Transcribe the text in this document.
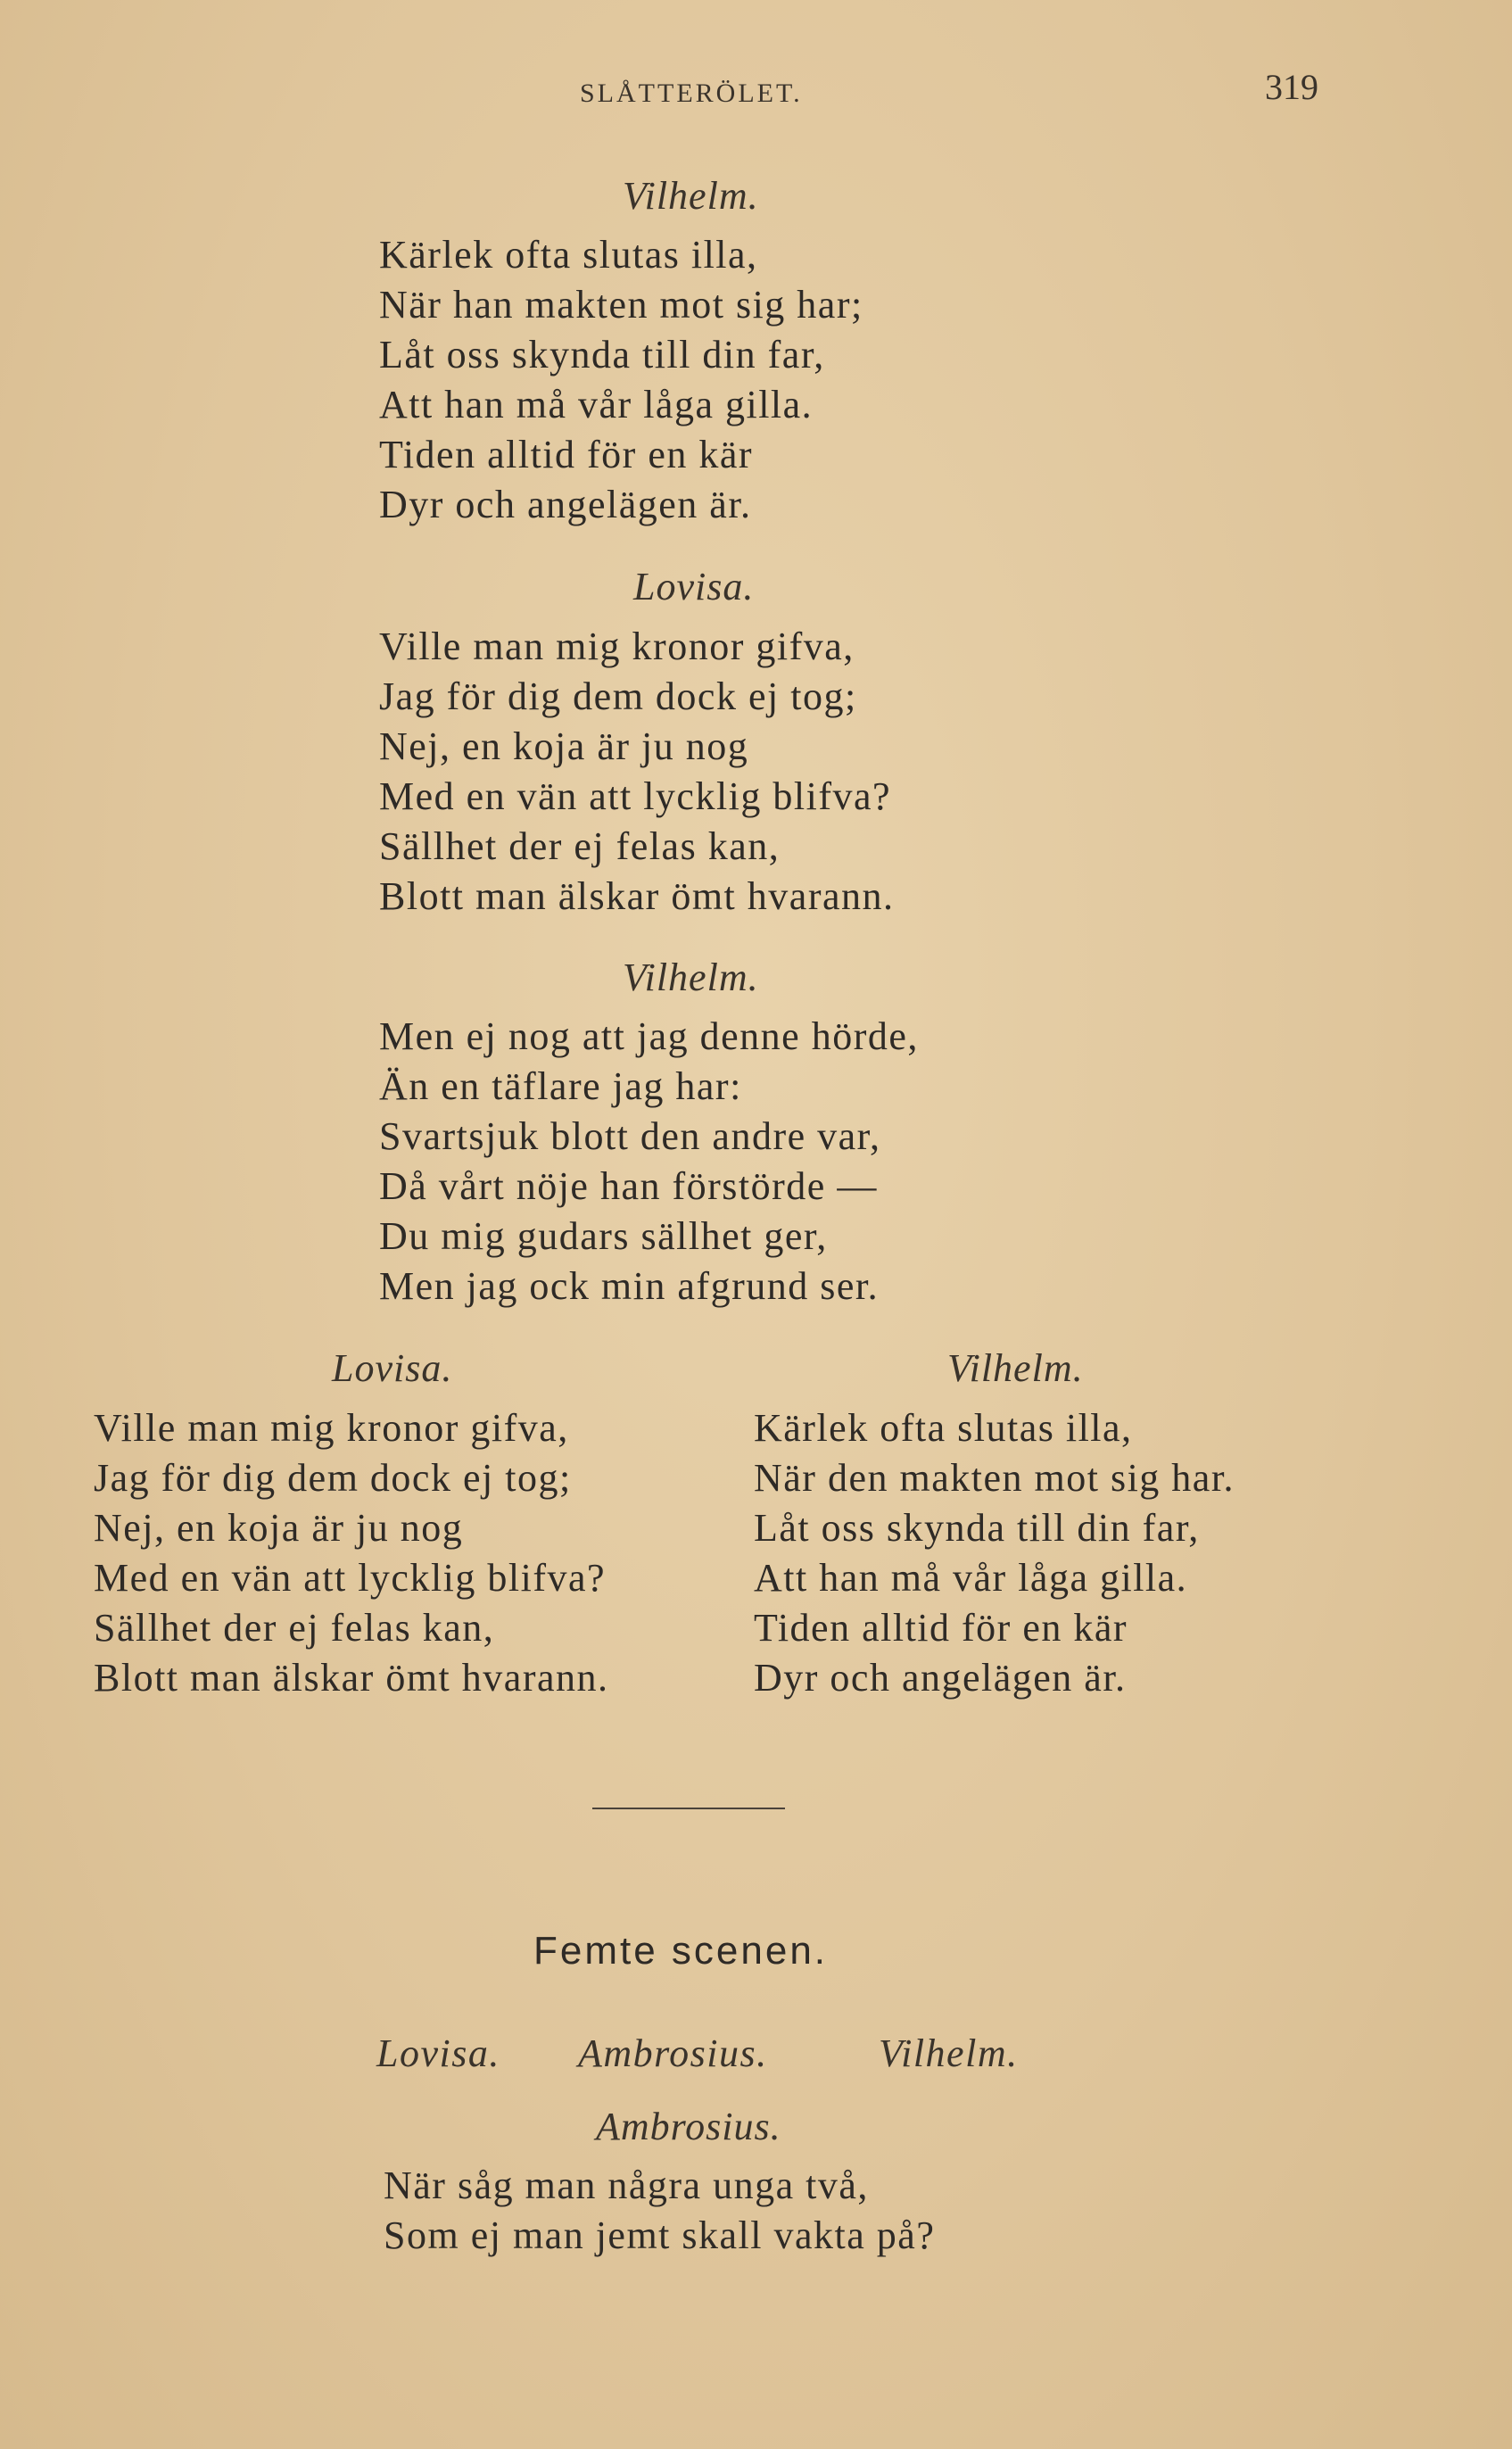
SLÅTTERÖLET.	319
Vilhelm.
Kärlek ofta slutas illa,
När han makten mot sig har;
Låt oss skynda till din far,
Att han må vår låga gilla.
Tiden alltid för en kär
Dyr och angelägen är.
Lovisa.
Ville man mig kronor gifva,
Jag för dig dem dock ej tog;
Nej, en koja är ju nog
Med en vän att lycklig blifva?
Sällhet der ej felas kan,
Blott man älskar ömt hvarann.
Vilhelm.
Men ej nog att jag denne hörde,
Än en täflare jag har:
Svartsjuk blott den andre var,
Då vårt nöje han förstörde —
Du mig gudars sällhet ger,
Men jag ock min afgrund ser.
Lovisa.
Ville man mig kronor gifva,
Jag för dig dem dock ej tog;
Nej, en koja är ju nog
Med en vän att lycklig blifva?
Sällhet der ej felas kan,
Blott man älskar ömt hvarann.
Vilhelm.
Kärlek ofta slutas illa,
När den makten mot sig har.
Låt oss skynda till din far,
Att han må vår låga gilla.
Tiden alltid för en kär
Dyr och angelägen är.
Femte scenen.
Lovisa. Ambrosius.	Vilhelm.
Ambrosius.
När såg man några unga två,
Som ej man jemt skall vakta på?
